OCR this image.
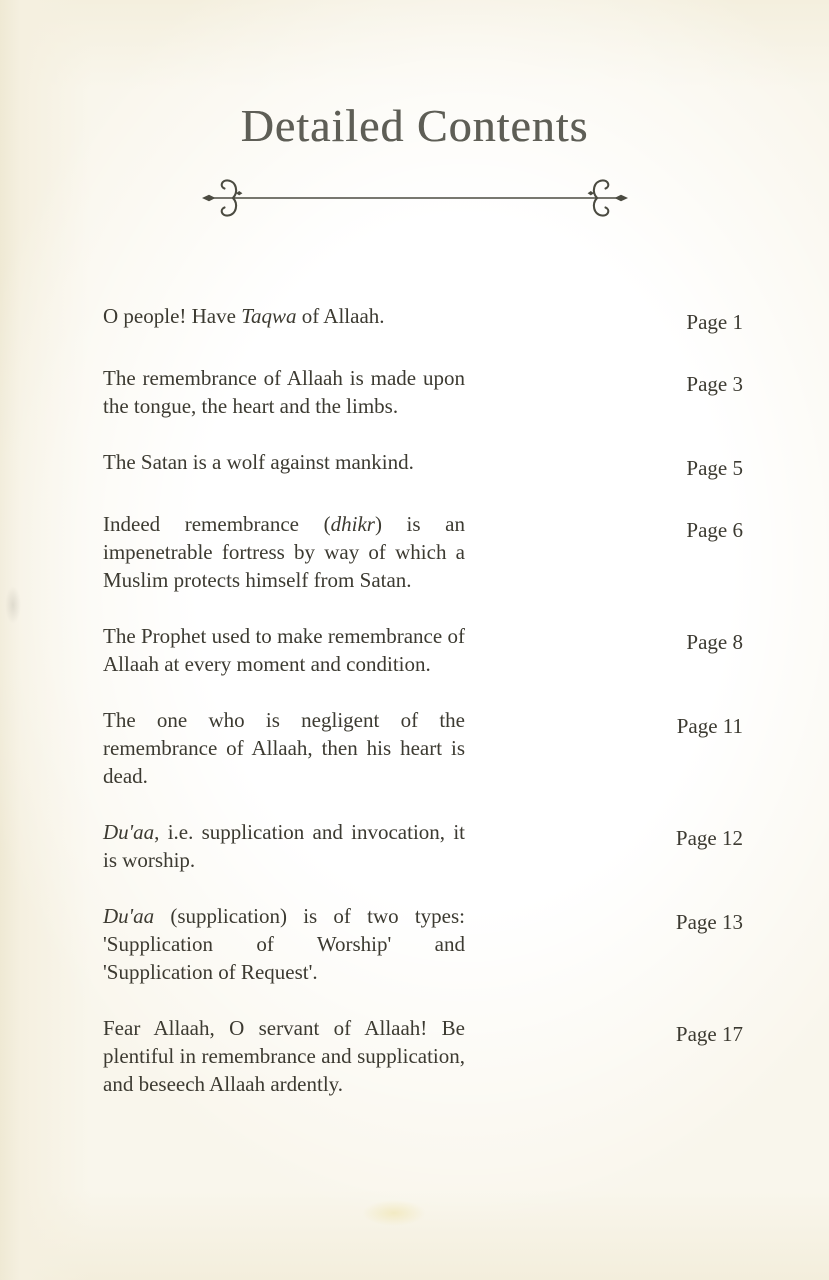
Detailed Contents

O people! Have Taqwa of Allaah.	Page 1

The remembrance of Allaah is made upon the tongue, the heart and the limbs.

Page 3

The Satan is a wolf against mankind.	Page 5

Indeed remembrance (dhikr) is an impenetrable fortress by way of which a Muslim protects himself from Satan.

Page 6

The Prophet used to make remembrance of Allaah at every moment and condition.

Page 8

The one who is negligent of the remembrance of Allaah, then his heart is dead.

Page 11

Du'aa, i.e. supplication and invocation, it is worship.

Page 12

Du'aa (supplication) is of two types: 'Supplication of Worship' and 'Supplication of Request'.

Page 13

Fear Allaah, O servant of Allaah! Be plentiful in remembrance and supplication, and beseech Allaah ardently.

Page 17
